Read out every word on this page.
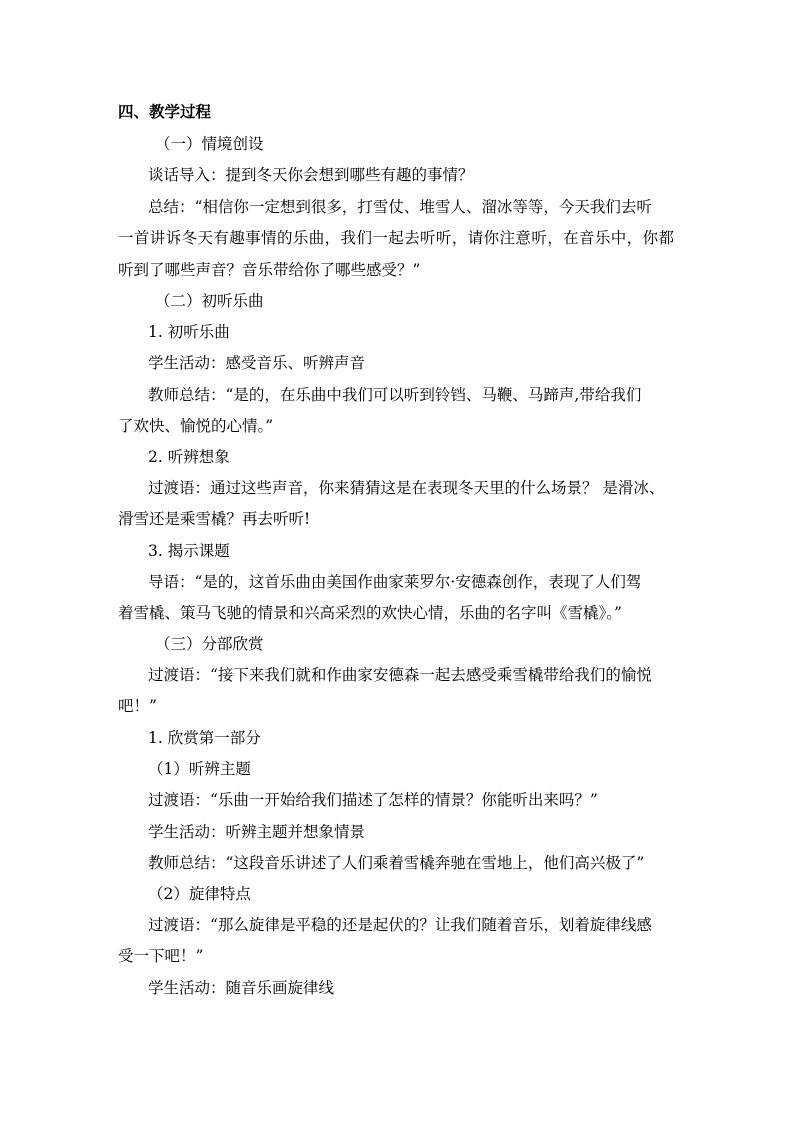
四、教学过程
（一）情境创设
谈话导入：提到冬天你会想到哪些有趣的事情？
总结：“相信你一定想到很多，打雪仗、堆雪人、溜冰等等，今天我们去听
一首讲诉冬天有趣事情的乐曲，我们一起去听听，请你注意听，在音乐中，你都
听到了哪些声音？音乐带给你了哪些感受？”
（二）初听乐曲
1. 初听乐曲
学生活动：感受音乐、听辨声音
教师总结：“是的，在乐曲中我们可以听到铃铛、马鞭、马蹄声,带给我们
了欢快、愉悦的心情。”
2. 听辨想象
过渡语：通过这些声音，你来猜猜这是在表现冬天里的什么场景？ 是滑冰、
滑雪还是乘雪橇？再去听听!
3. 揭示课题
导语：“是的，这首乐曲由美国作曲家莱罗尔·安德森创作，表现了人们驾
着雪橇、策马飞驰的情景和兴高采烈的欢快心情，乐曲的名字叫《雪橇》。”
（三）分部欣赏
过渡语：“接下来我们就和作曲家安德森一起去感受乘雪橇带给我们的愉悦
吧！”
1. 欣赏第一部分
（1）听辨主题
过渡语：“乐曲一开始给我们描述了怎样的情景？你能听出来吗？”
学生活动：听辨主题并想象情景
教师总结：“这段音乐讲述了人们乘着雪橇奔驰在雪地上，他们高兴极了”
（2）旋律特点
过渡语：“那么旋律是平稳的还是起伏的？让我们随着音乐，划着旋律线感
受一下吧！”
学生活动：随音乐画旋律线
